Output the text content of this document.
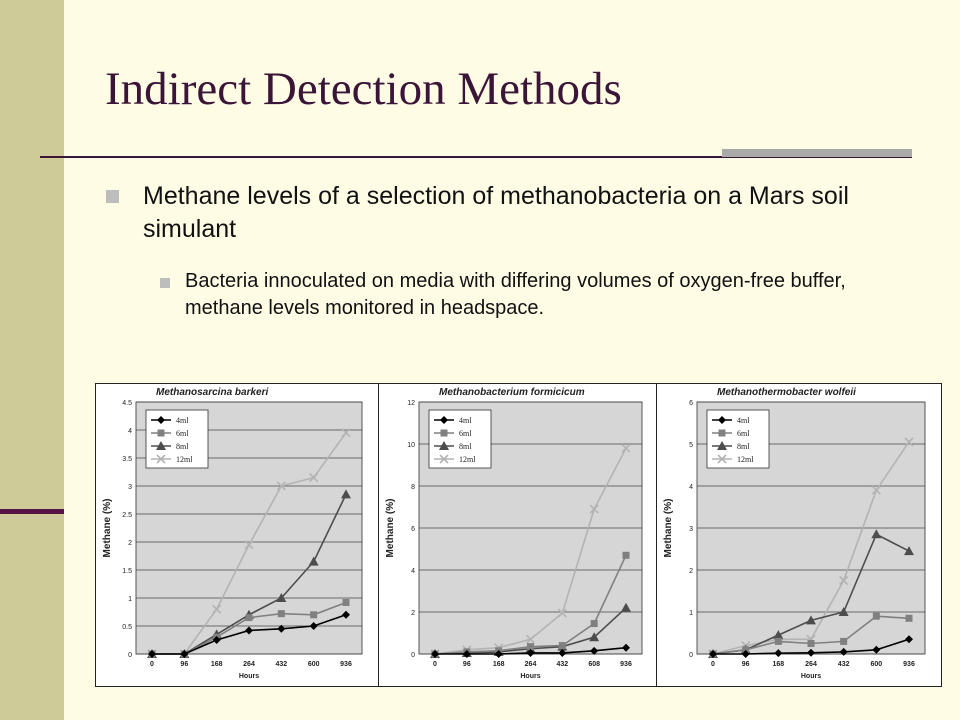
Indirect Detection Methods
Methane levels of a selection of methanobacteria on a Mars soil simulant
Bacteria innoculated on media with differing volumes of oxygen-free buffer, methane levels monitored in headspace.
Methanosarcina barkeri
0
0.5
1
1.5
2
2.5
3
3.5
4
4.5
0	96	168	264	432	600	936
Hours
Methane (%)
4ml
6ml
8ml
12ml
Methanobacterium formicicum
0
2
4
6
8
10
12
0	96	168	264	432	608	936
Hours
Methane (%)
4ml
6ml
8ml
12ml
Methanothermobacter wolfeii
0
1
2
3
4
5
6
0	96	168	264	432	600	936
Hours
Methane (%)
4ml
6ml
8ml
12ml
